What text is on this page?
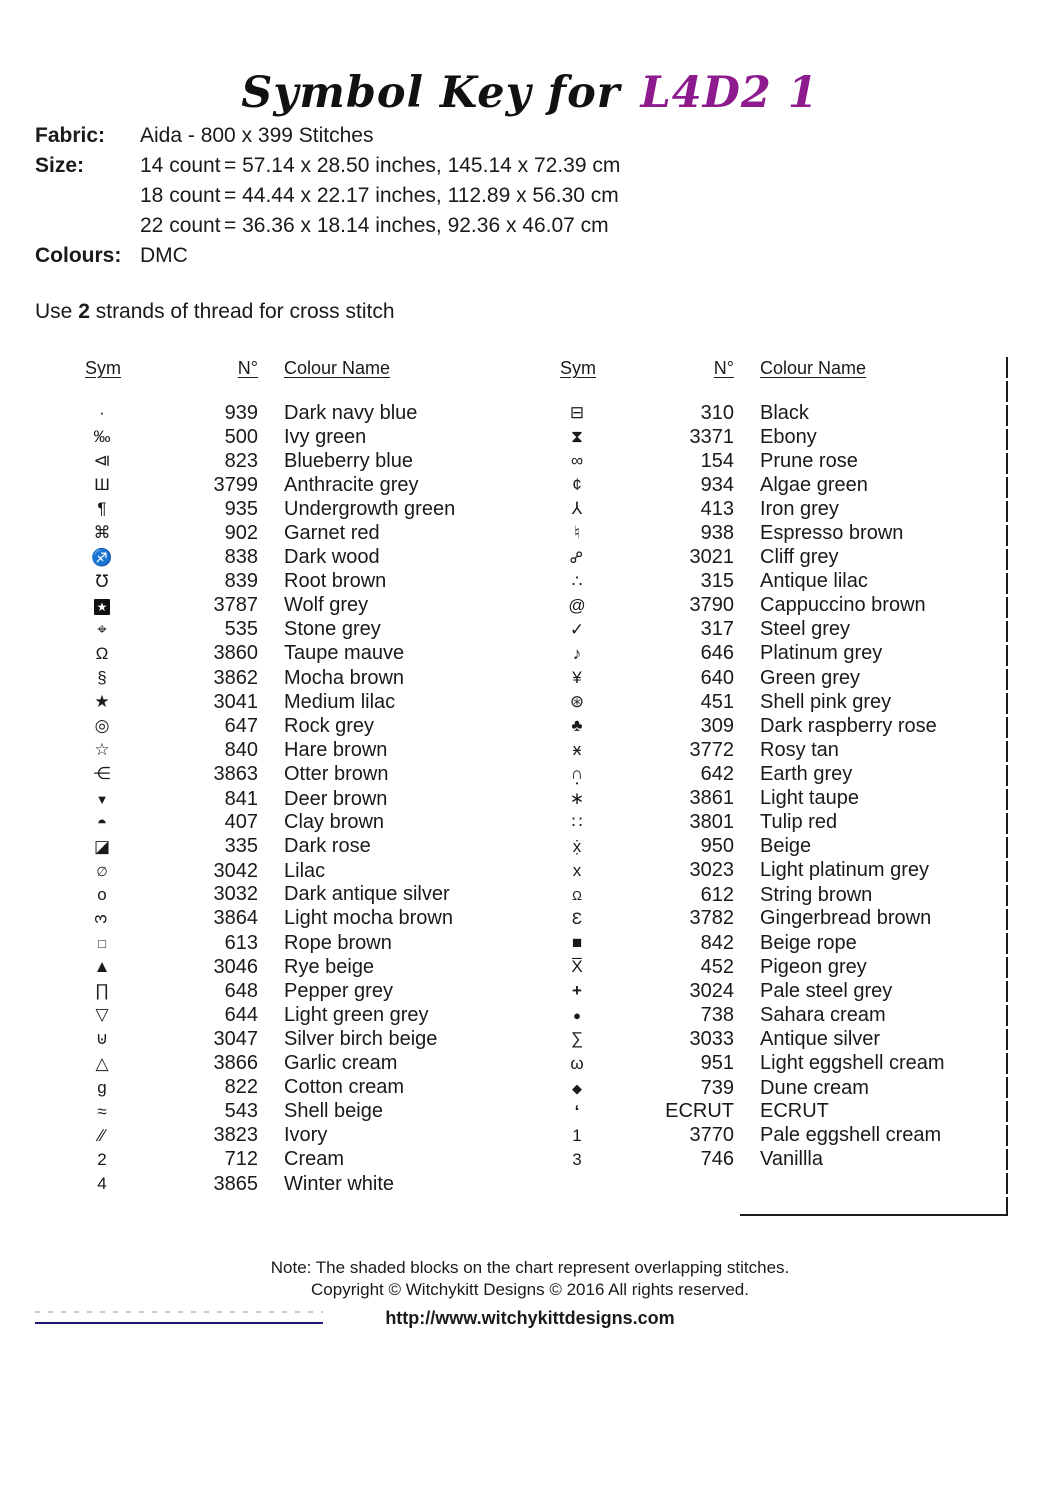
Symbol Key for L4D2 1
Fabric: Aida - 800 x 399 Stitches
Size:	14 count = 57.14 x 28.50 inches, 145.14 x 72.39 cm
18 count = 44.44 x 22.17 inches, 112.89 x 56.30 cm
22 count = 36.36 x 18.14 inches, 92.36 x 46.07 cm
Colours: DMC
Use 2 strands of thread for cross stitch
Sym	N°	Colour Name
·	939	Dark navy blue
‰	500	Ivy green
⧏	823	Blueberry blue
Ш	3799	Anthracite grey
¶	935	Undergrowth green
⌘	902	Garnet red
♐	838	Dark wood
℧	839	Root brown
★	3787	Wolf grey
⌖	535	Stone grey
Ω	3860	Taupe mauve
§	3862	Mocha brown
★	3041	Medium lilac
◎	647	Rock grey
☆	840	Hare brown
⋲	3863	Otter brown
▼	841	Deer brown
◓	407	Clay brown
◪	335	Dark rose
∅	3042	Lilac
o	3032	Dark antique silver
3	3864	Light mocha brown
□	613	Rope brown
▲	3046	Rye beige
∏	648	Pepper grey
▽	644	Light green grey
⊍	3047	Silver birch beige
△	3866	Garlic cream
g	822	Cotton cream
≈	543	Shell beige
∕∕	3823	Ivory
2	712	Cream
4	3865	Winter white
Sym	N°	Colour Name
⊟	310	Black
⧗	3371	Ebony
∞	154	Prune rose
¢	934	Algae green
⅄	413	Iron grey
♮	938	Espresso brown
⚯	3021	Cliff grey
∴	315	Antique lilac
@	3790	Cappuccino brown
✓	317	Steel grey
♪	646	Platinum grey
¥	640	Green grey
⊛	451	Shell pink grey
♣	309	Dark raspberry rose
ӿ	3772	Rosy tan
∩ •	642	Earth grey
∗	3861	Light taupe
∷	3801	Tulip red
ẋ̣	950	Beige
x	3023	Light platinum grey
Ω	612	String brown
Ɛ	3782	Gingerbread brown
■	842	Beige rope
X̅	452	Pigeon grey
+	3024	Pale steel grey
●	738	Sahara cream
∑	3033	Antique silver
ω	951	Light eggshell cream
◆	739	Dune cream
ʻ	ECRUT	ECRUT
1	3770	Pale eggshell cream
3	746	Vanillla
Note: The shaded blocks on the chart represent overlapping stitches.
Copyright © Witchykitt Designs © 2016 All rights reserved.
http://www.witchykittdesigns.com
